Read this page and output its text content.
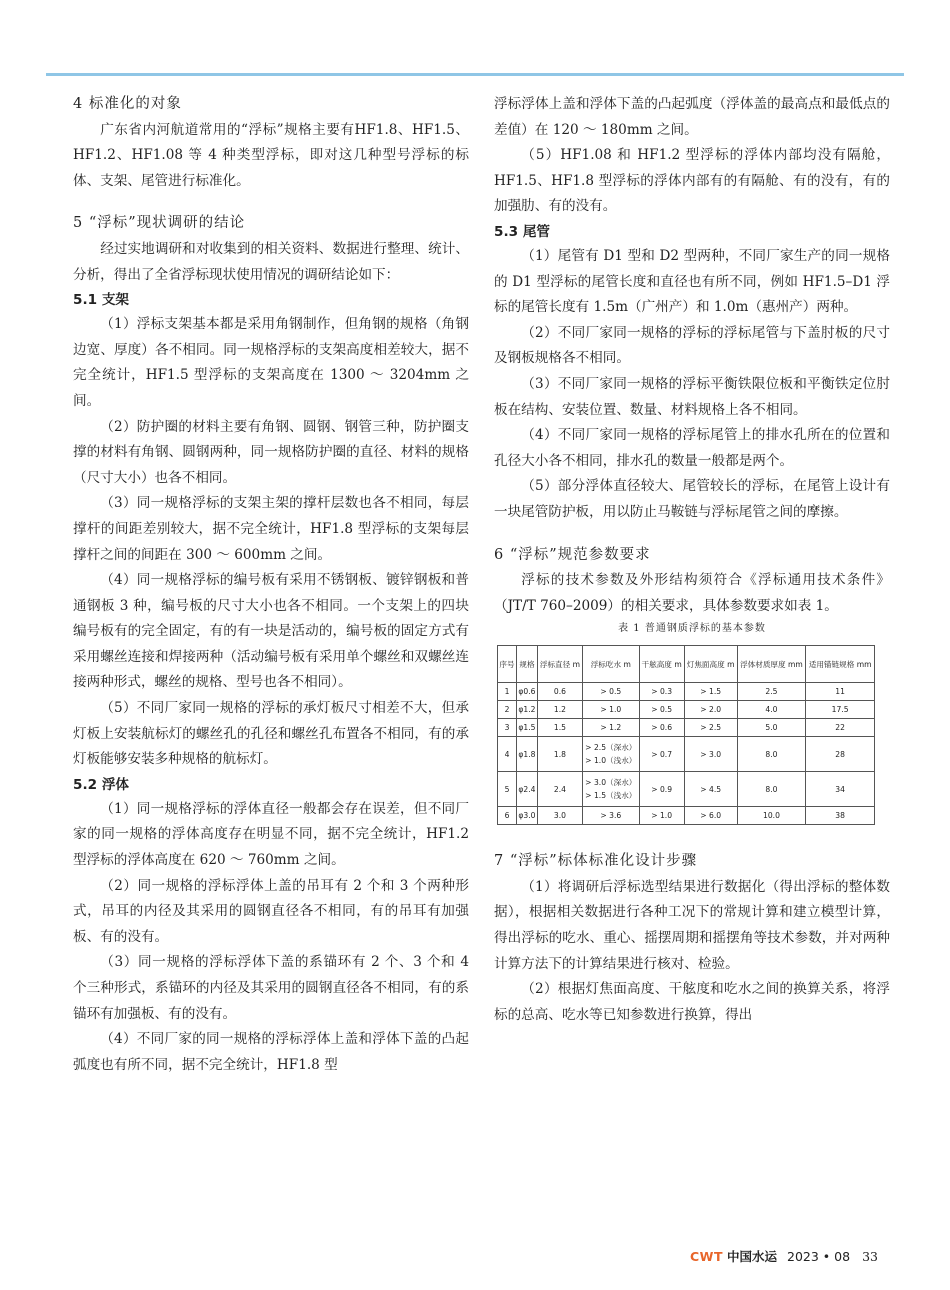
4 标准化的对象

广东省内河航道常用的“浮标”规格主要有HF1.8、HF1.5、HF1.2、HF1.08 等 4 种类型浮标，即对这几种型号浮标的标体、支架、尾管进行标准化。

5 “浮标”现状调研的结论

经过实地调研和对收集到的相关资料、数据进行整理、统计、分析，得出了全省浮标现状使用情况的调研结论如下：

5.1 支架

（1）浮标支架基本都是采用角钢制作，但角钢的规格（角钢边宽、厚度）各不相同。同一规格浮标的支架高度相差较大，据不完全统计，HF1.5 型浮标的支架高度在 1300 ～ 3204mm 之间。

（2）防护圈的材料主要有角钢、圆钢、钢管三种，防护圈支撑的材料有角钢、圆钢两种，同一规格防护圈的直径、材料的规格（尺寸大小）也各不相同。

（3）同一规格浮标的支架主架的撑杆层数也各不相同，每层撑杆的间距差别较大，据不完全统计，HF1.8 型浮标的支架每层撑杆之间的间距在 300 ～ 600mm 之间。

（4）同一规格浮标的编号板有采用不锈钢板、镀锌钢板和普通钢板 3 种，编号板的尺寸大小也各不相同。一个支架上的四块编号板有的完全固定，有的有一块是活动的，编号板的固定方式有采用螺丝连接和焊接两种（活动编号板有采用单个螺丝和双螺丝连接两种形式，螺丝的规格、型号也各不相同）。

（5）不同厂家同一规格的浮标的承灯板尺寸相差不大，但承灯板上安装航标灯的螺丝孔的孔径和螺丝孔布置各不相同，有的承灯板能够安装多种规格的航标灯。

5.2 浮体

（1）同一规格浮标的浮体直径一般都会存在误差，但不同厂家的同一规格的浮体高度存在明显不同，据不完全统计，HF1.2 型浮标的浮体高度在 620 ～ 760mm 之间。

（2）同一规格的浮标浮体上盖的吊耳有 2 个和 3 个两种形式，吊耳的内径及其采用的圆钢直径各不相同，有的吊耳有加强板、有的没有。

（3）同一规格的浮标浮体下盖的系锚环有 2 个、3 个和 4 个三种形式，系锚环的内径及其采用的圆钢直径各不相同，有的系锚环有加强板、有的没有。

（4）不同厂家的同一规格的浮标浮体上盖和浮体下盖的凸起弧度也有所不同，据不完全统计，HF1.8 型

浮标浮体上盖和浮体下盖的凸起弧度（浮体盖的最高点和最低点的差值）在 120 ～ 180mm 之间。

（5）HF1.08 和 HF1.2 型浮标的浮体内部均没有隔舱，HF1.5、HF1.8 型浮标的浮体内部有的有隔舱、有的没有，有的加强肋、有的没有。

5.3 尾管

（1）尾管有 D1 型和 D2 型两种，不同厂家生产的同一规格的 D1 型浮标的尾管长度和直径也有所不同，例如 HF1.5–D1 浮标的尾管长度有 1.5m（广州产）和 1.0m（惠州产）两种。

（2）不同厂家同一规格的浮标的浮标尾管与下盖肘板的尺寸及钢板规格各不相同。

（3）不同厂家同一规格的浮标平衡铁限位板和平衡铁定位肘板在结构、安装位置、数量、材料规格上各不相同。

（4）不同厂家同一规格的浮标尾管上的排水孔所在的位置和孔径大小各不相同，排水孔的数量一般都是两个。

（5）部分浮体直径较大、尾管较长的浮标，在尾管上设计有一块尾管防护板，用以防止马鞍链与浮标尾管之间的摩擦。

6 “浮标”规范参数要求

浮标的技术参数及外形结构须符合《浮标通用技术条件》（JT/T 760–2009）的相关要求，具体参数要求如表 1。

表 1 普通钢质浮标的基本参数
序号	规格	浮标直径 m	浮标吃水 m	干舷高度 m	灯焦面高度 m	浮体材质厚度 mm	适用锚链规格 mm
1	φ0.6	0.6	> 0.5	> 0.3	> 1.5	2.5	11
2	φ1.2	1.2	> 1.0	> 0.5	> 2.0	4.0	17.5
3	φ1.5	1.5	> 1.2	> 0.6	> 2.5	5.0	22
4	φ1.8	1.8	> 2.5（深水）
> 1.0（浅水）	> 0.7	> 3.0	8.0	28
5	φ2.4	2.4	> 3.0（深水）
> 1.5（浅水）	> 0.9	> 4.5	8.0	34
6	φ3.0	3.0	> 3.6	> 1.0	> 6.0	10.0	38
7 “浮标”标体标准化设计步骤

（1）将调研后浮标选型结果进行数据化（得出浮标的整体数据），根据相关数据进行各种工况下的常规计算和建立模型计算，得出浮标的吃水、重心、摇摆周期和摇摆角等技术参数，并对两种计算方法下的计算结果进行核对、检验。

（2）根据灯焦面高度、干舷度和吃水之间的换算关系，将浮标的总高、吃水等已知参数进行换算，得出

CWT 中国水运 2023 • 08 33
